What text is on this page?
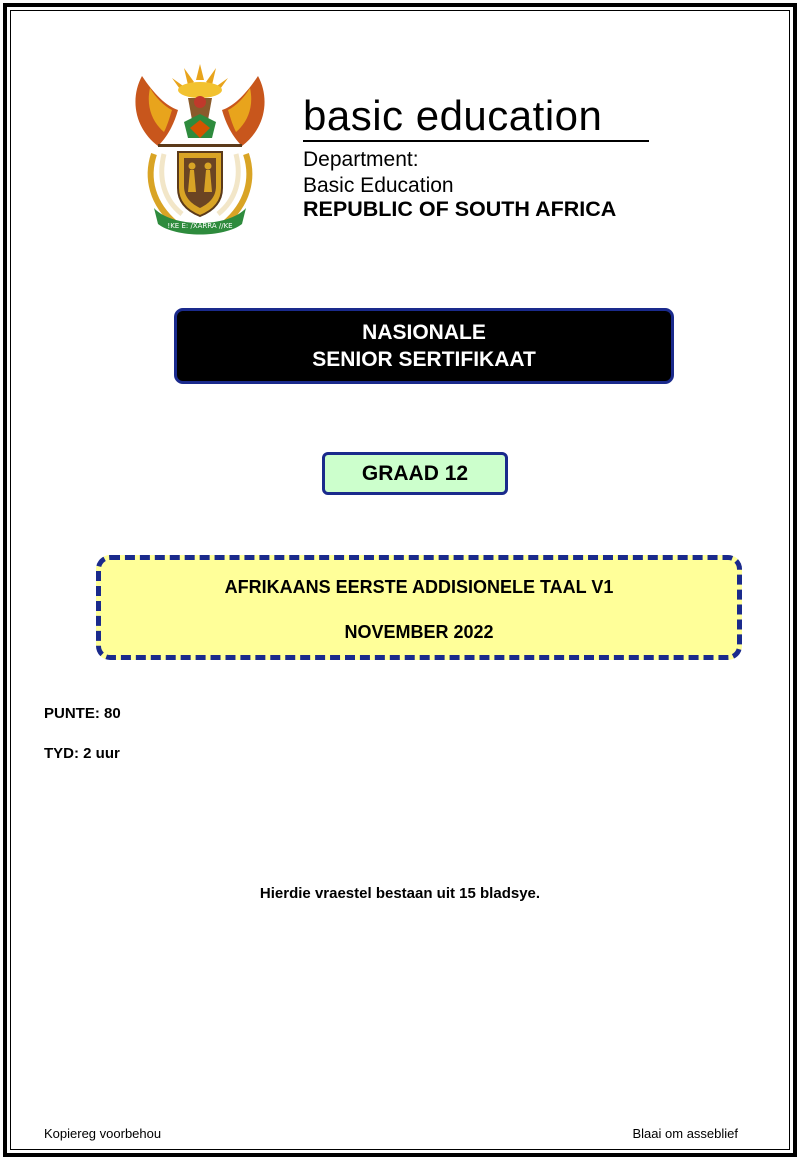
!KE E: /XARRA //KE
basic education
Department:
Basic Education
REPUBLIC OF SOUTH AFRICA
NASIONALE
SENIOR SERTIFIKAAT
GRAAD 12
AFRIKAANS EERSTE ADDISIONELE TAAL V1
NOVEMBER 2022
PUNTE: 80
TYD: 2 uur
Hierdie vraestel bestaan uit 15 bladsye.
Kopiereg voorbehou	Blaai om asseblief
